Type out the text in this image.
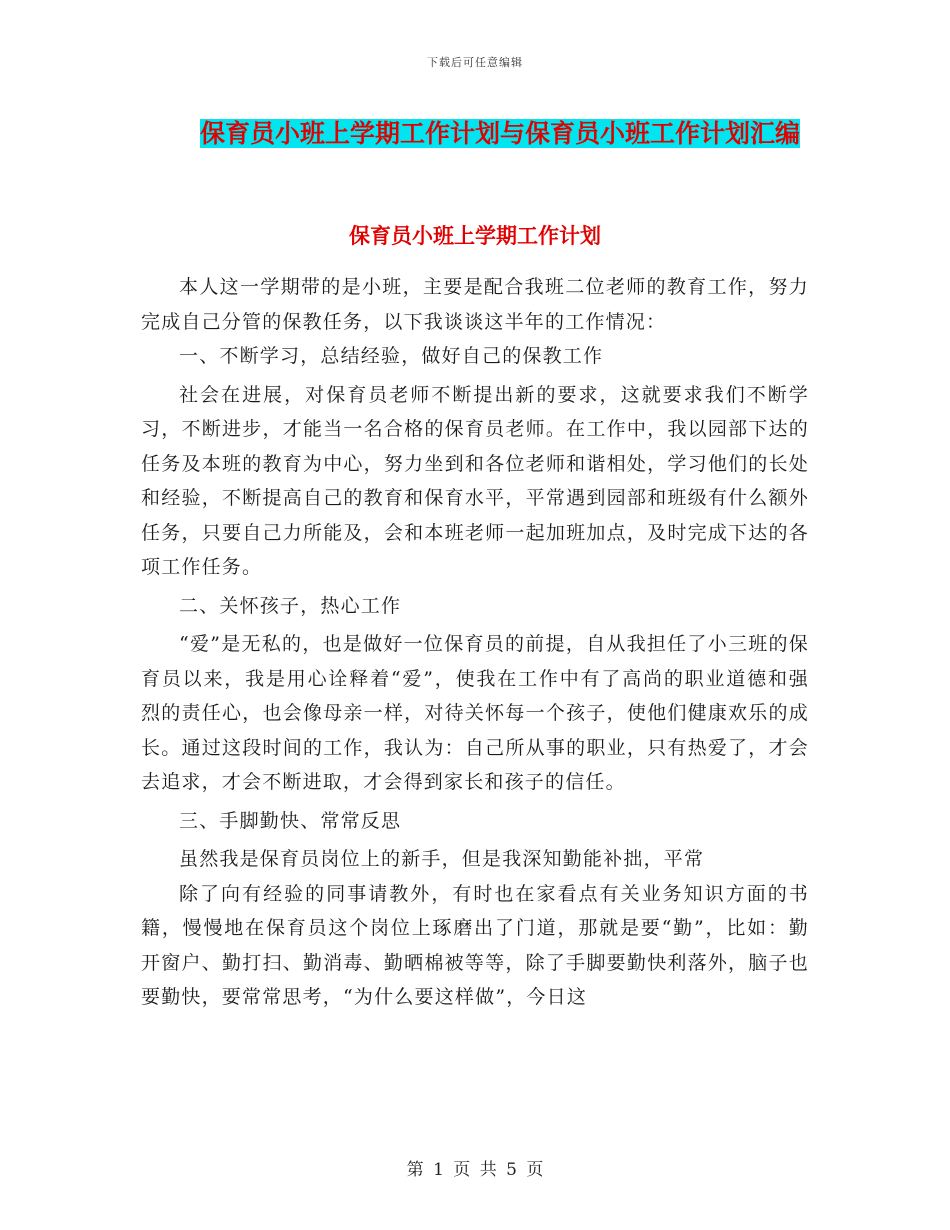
下载后可任意编辑
保育员小班上学期工作计划与保育员小班工作计划汇编
保育员小班上学期工作计划

本人这一学期带的是小班，主要是配合我班二位老师的教育工作，努力完成自己分管的保教任务，以下我谈谈这半年的工作情况：

一、不断学习，总结经验，做好自己的保教工作

社会在进展，对保育员老师不断提出新的要求，这就要求我们不断学习，不断进步，才能当一名合格的保育员老师。在工作中，我以园部下达的任务及本班的教育为中心，努力坐到和各位老师和谐相处，学习他们的长处和经验，不断提高自己的教育和保育水平，平常遇到园部和班级有什么额外任务，只要自己力所能及，会和本班老师一起加班加点，及时完成下达的各项工作任务。

二、关怀孩子，热心工作

“爱”是无私的，也是做好一位保育员的前提，自从我担任了小三班的保育员以来，我是用心诠释着“爱”，使我在工作中有了高尚的职业道德和强烈的责任心，也会像母亲一样，对待关怀每一个孩子，使他们健康欢乐的成长。通过这段时间的工作，我认为：自己所从事的职业，只有热爱了，才会去追求，才会不断进取，才会得到家长和孩子的信任。

三、手脚勤快、常常反思

虽然我是保育员岗位上的新手，但是我深知勤能补拙，平常

除了向有经验的同事请教外，有时也在家看点有关业务知识方面的书籍，慢慢地在保育员这个岗位上琢磨出了门道，那就是要“勤”，比如：勤开窗户、勤打扫、勤消毒、勤晒棉被等等，除了手脚要勤快利落外，脑子也要勤快，要常常思考，“为什么要这样做”，今日这

第 1 页 共 5 页
